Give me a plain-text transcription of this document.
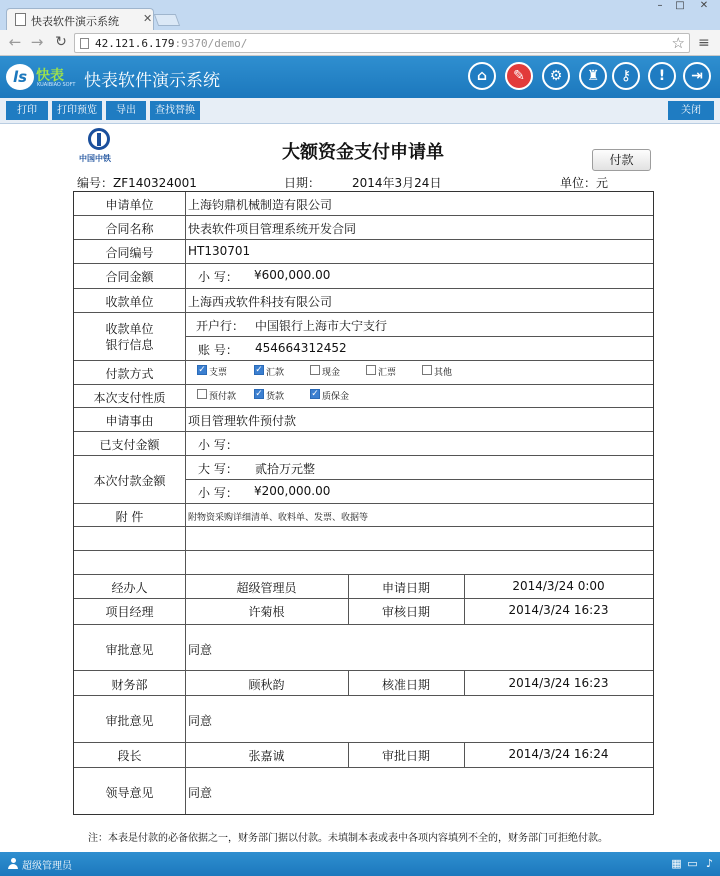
快表软件演示系统 ✕
–	□	✕
← → ↻	42.121.6.179:9370/demo/	☆ ≡
ls 快表
KUAIBIAO SOFT 快表软件演示系统	⌂	✎	⚙	♜	⚷	!	⇥
打印	打印预览	导出	查找替换	关闭
中国中铁	大额资金支付申请单	付款
编号：ZF140324001	日期：	2014年3月24日	单位：元
申请单位
合同名称
合同编号
合同金额
收款单位
收款单位
银行信息
付款方式
本次支付性质
申请事由
已支付金额
本次付款金额
附 件
上海钧鼎机械制造有限公司
快表软件项目管理系统开发合同
HT130701
小 写： ¥600,000.00
上海西戎软件科技有限公司
开户行： 中国银行上海市大宁支行
账 号： 454664312452
✓ 支票	✓ 汇款	现金	汇票	其他
预付款 ✓ 货款	✓ 质保金
项目管理软件预付款
小 写：
大 写： 贰拾万元整
小 写： ¥200,000.00
附物资采购详细清单、收料单、发票、收据等
经办人	超级管理员	申请日期	2014/3/24 0:00
项目经理	许菊根	审核日期	2014/3/24 16:23
审批意见	同意
财务部	顾秋韵	核准日期	2014/3/24 16:23
审批意见	同意
段长	张嘉诚	审批日期	2014/3/24 16:24
领导意见	同意
注：本表是付款的必备依据之一，财务部门据以付款。未填制本表或表中各项内容填列不全的，财务部门可拒绝付款。
超级管理员	▦ ▭ ♪
